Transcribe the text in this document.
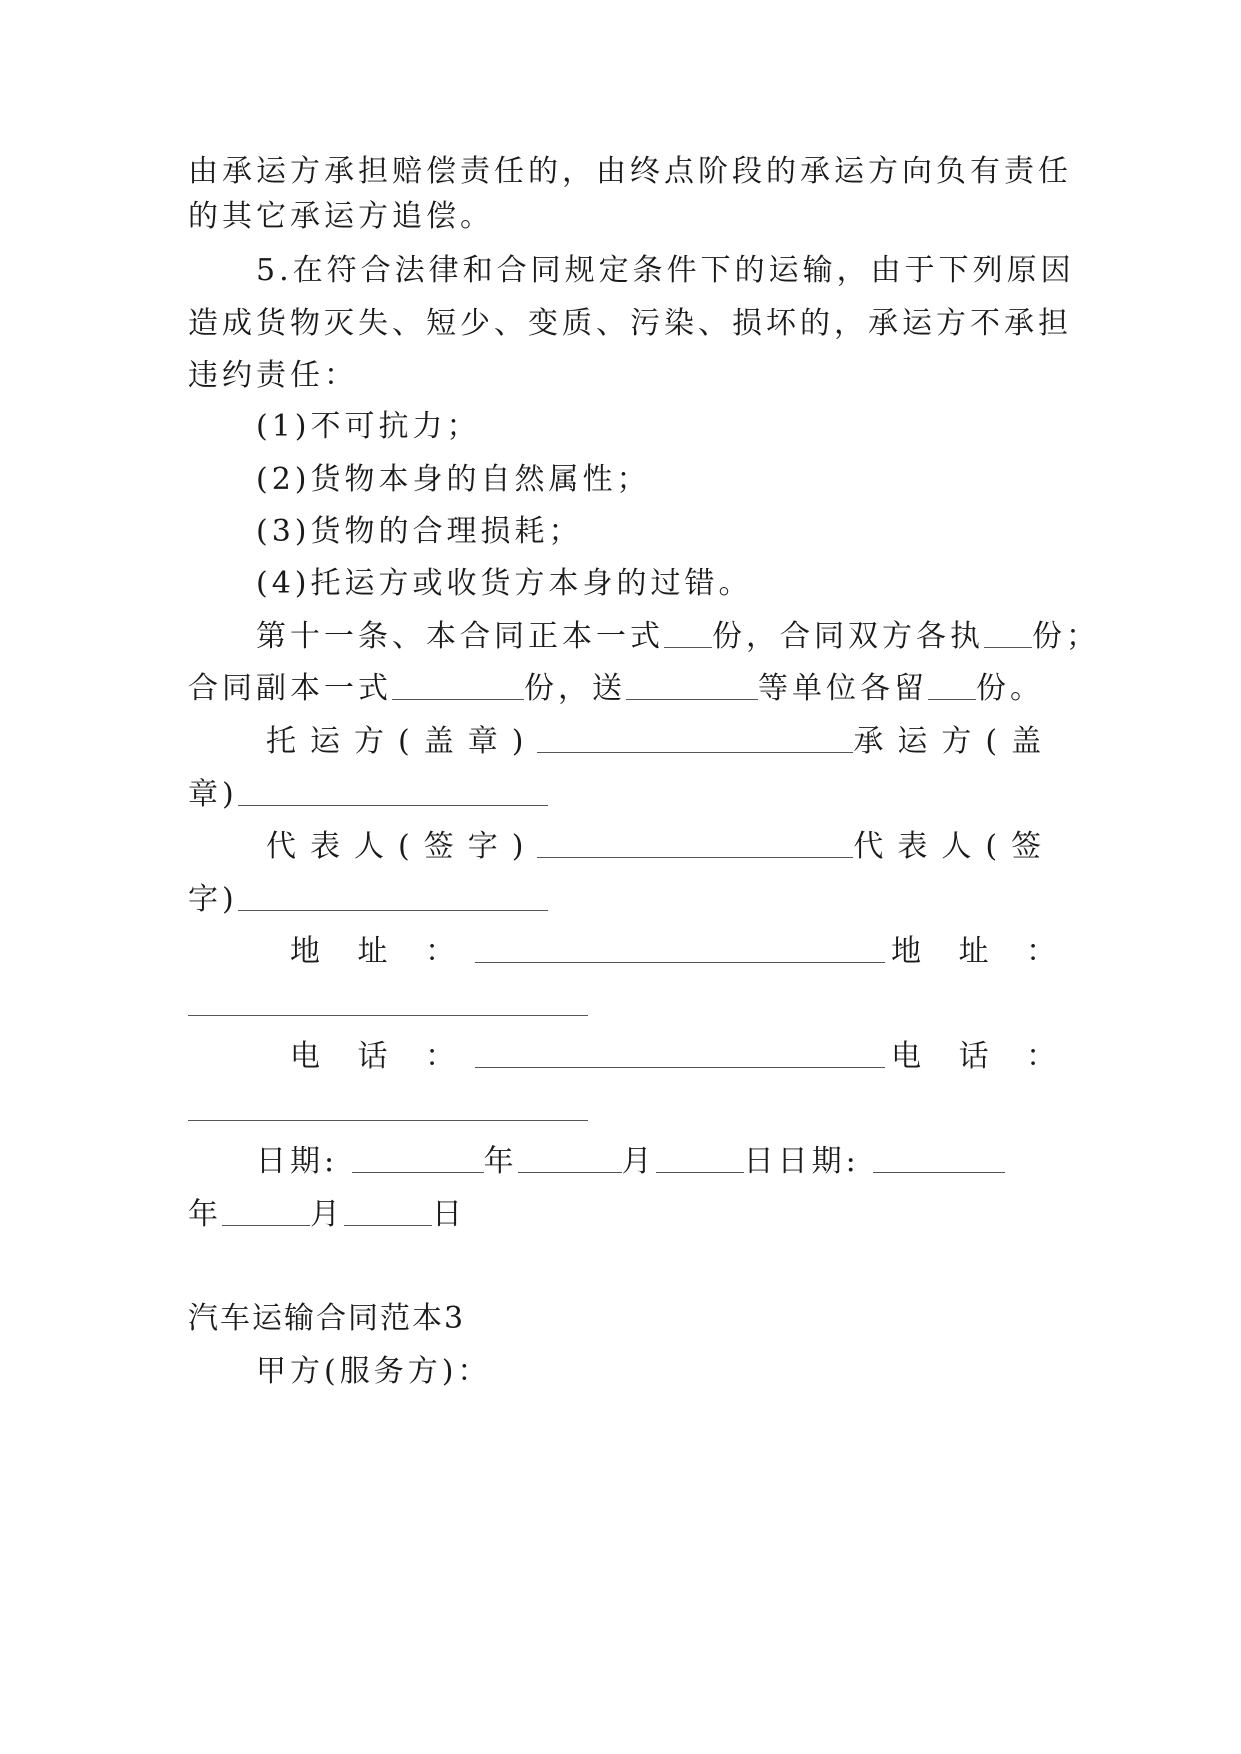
由承运方承担赔偿责任的，由终点阶段的承运方向负有责任
的其它承运方追偿。
5.在符合法律和合同规定条件下的运输，由于下列原因
造成货物灭失、短少、变质、污染、损坏的，承运方不承担
违约责任：
(1)不可抗力；
(2)货物本身的自然属性；
(3)货物的合理损耗；
(4)托运方或收货方本身的过错。
第十一条、本合同正本一式 份，合同双方各执 份；
合同副本一式	份，送	等单位各留 份。
托运方(盖章)	承运方(盖
章)
代表人(签字)	代表人(签
字)
地 址 ：	地 址 ：
电 话 ：	电 话 ：
日期:	年	月	日日期:
年	月	日
汽车运输合同范本3
甲方(服务方)：
